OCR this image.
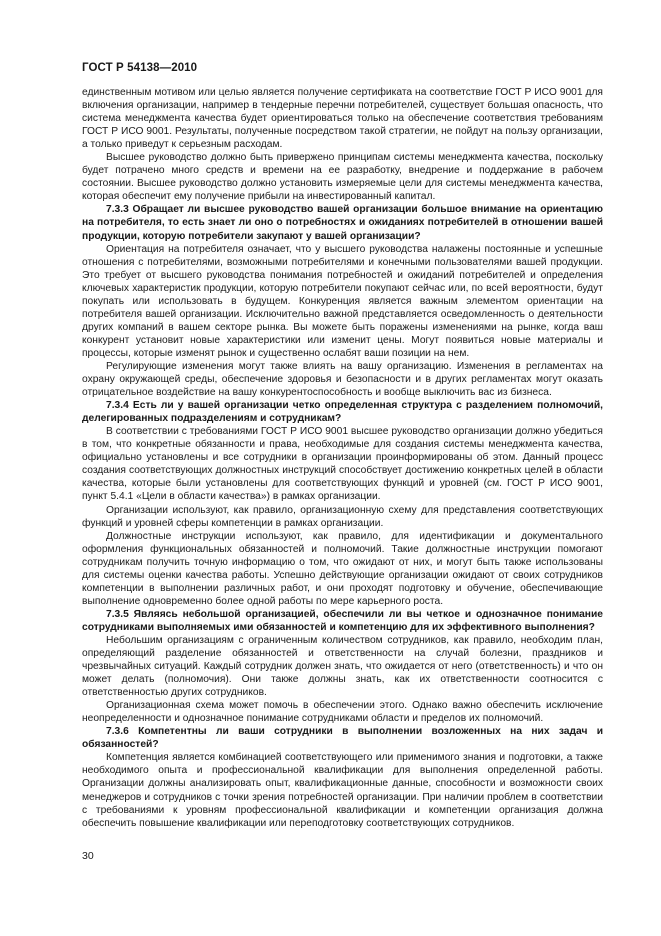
ГОСТ Р 54138—2010

единственным мотивом или целью является получение сертификата на соответствие ГОСТ Р ИСО 9001 для включения организации, например в тендерные перечни потребителей, существует большая опасность, что система менеджмента качества будет ориентироваться только на обеспечение соответствия требованиям ГОСТ Р ИСО 9001. Результаты, полученные посредством такой стратегии, не пойдут на пользу организации, а только приведут к серьезным расходам.

Высшее руководство должно быть привержено принципам системы менеджмента качества, поскольку будет потрачено много средств и времени на ее разработку, внедрение и поддержание в рабочем состоянии. Высшее руководство должно установить измеряемые цели для системы менеджмента качества, которая обеспечит ему получение прибыли на инвестированный капитал.

7.3.3 Обращает ли высшее руководство вашей организации большое внимание на ориентацию на потребителя, то есть знает ли оно о потребностях и ожиданиях потребителей в отношении вашей продукции, которую потребители закупают у вашей организации?

Ориентация на потребителя означает, что у высшего руководства налажены постоянные и успешные отношения с потребителями, возможными потребителями и конечными пользователями вашей продукции. Это требует от высшего руководства понимания потребностей и ожиданий потребителей и определения ключевых характеристик продукции, которую потребители покупают сейчас или, по всей вероятности, будут покупать или использовать в будущем. Конкуренция является важным элементом ориентации на потребителя вашей организации. Исключительно важной представляется осведомленность о деятельности других компаний в вашем секторе рынка. Вы можете быть поражены изменениями на рынке, когда ваш конкурент установит новые характеристики или изменит цены. Могут появиться новые материалы и процессы, которые изменят рынок и существенно ослабят ваши позиции на нем.

Регулирующие изменения могут также влиять на вашу организацию. Изменения в регламентах на охрану окружающей среды, обеспечение здоровья и безопасности и в других регламентах могут оказать отрицательное воздействие на вашу конкурентоспособность и вообще выключить вас из бизнеса.

7.3.4 Есть ли у вашей организации четко определенная структура с разделением полномочий, делегированных подразделениям и сотрудникам?

В соответствии с требованиями ГОСТ Р ИСО 9001 высшее руководство организации должно убедиться в том, что конкретные обязанности и права, необходимые для создания системы менеджмента качества, официально установлены и все сотрудники в организации проинформированы об этом. Данный процесс создания соответствующих должностных инструкций способствует достижению конкретных целей в области качества, которые были установлены для соответствующих функций и уровней (см. ГОСТ Р ИСО 9001, пункт 5.4.1 «Цели в области качества») в рамках организации.

Организации используют, как правило, организационную схему для представления соответствующих функций и уровней сферы компетенции в рамках организации.

Должностные инструкции используют, как правило, для идентификации и документального оформления функциональных обязанностей и полномочий. Такие должностные инструкции помогают сотрудникам получить точную информацию о том, что ожидают от них, и могут быть также использованы для системы оценки качества работы. Успешно действующие организации ожидают от своих сотрудников компетенции в выполнении различных работ, и они проходят подготовку и обучение, обеспечивающие выполнение одновременно более одной работы по мере карьерного роста.

7.3.5 Являясь небольшой организацией, обеспечили ли вы четкое и однозначное понимание сотрудниками выполняемых ими обязанностей и компетенцию для их эффективного выполнения?

Небольшим организациям с ограниченным количеством сотрудников, как правило, необходим план, определяющий разделение обязанностей и ответственности на случай болезни, праздников и чрезвычайных ситуаций. Каждый сотрудник должен знать, что ожидается от него (ответственность) и что он может делать (полномочия). Они также должны знать, как их ответственности соотносится с ответственностью других сотрудников.

Организационная схема может помочь в обеспечении этого. Однако важно обеспечить исключение неопределенности и однозначное понимание сотрудниками области и пределов их полномочий.

7.3.6 Компетентны ли ваши сотрудники в выполнении возложенных на них задач и обязанностей?

Компетенция является комбинацией соответствующего или применимого знания и подготовки, а также необходимого опыта и профессиональной квалификации для выполнения определенной работы. Организации должны анализировать опыт, квалификационные данные, способности и возможности своих менеджеров и сотрудников с точки зрения потребностей организации. При наличии проблем в соответствии с требованиями к уровням профессиональной квалификации и компетенции организация должна обеспечить повышение квалификации или переподготовку соответствующих сотрудников.

30
